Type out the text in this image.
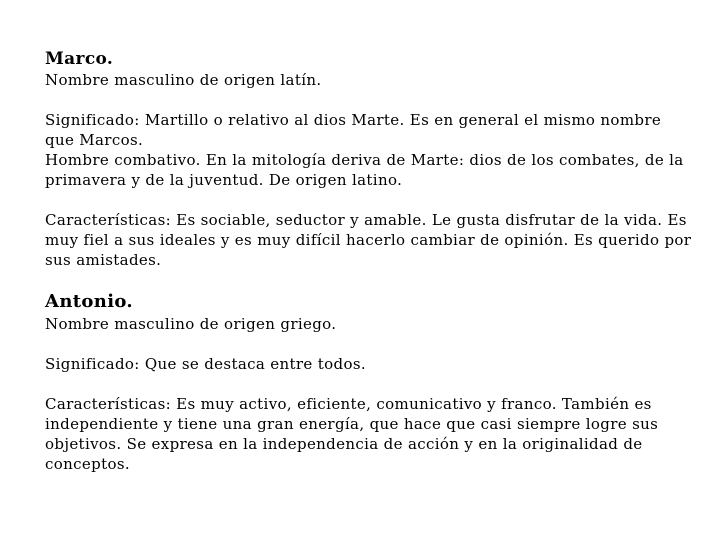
Marco.

Nombre masculino de origen latín.

Significado: Martillo o relativo al dios Marte. Es en general el mismo nombre que Marcos.

Hombre combativo. En la mitología deriva de Marte: dios de los combates, de la primavera y de la juventud. De origen latino.

Características: Es sociable, seductor y amable. Le gusta disfrutar de la vida. Es muy fiel a sus ideales y es muy difícil hacerlo cambiar de opinión. Es querido por sus amistades.

Antonio.

Nombre masculino de origen griego.

Significado: Que se destaca entre todos.

Características: Es muy activo, eficiente, comunicativo y franco. También es independiente y tiene una gran energía, que hace que casi siempre logre sus objetivos. Se expresa en la independencia de acción y en la originalidad de conceptos.
